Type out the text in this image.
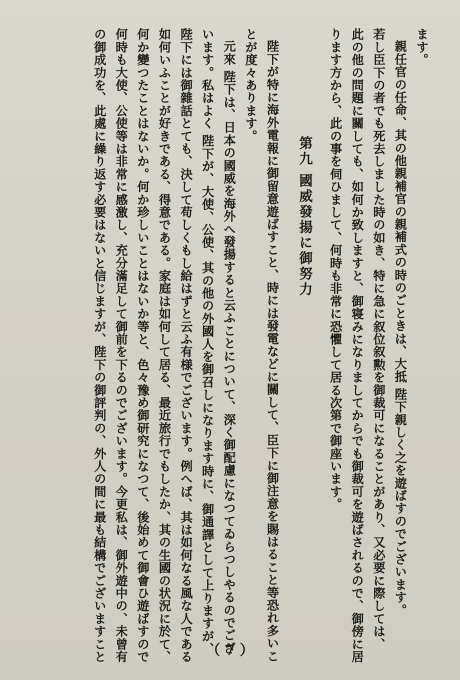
ます。
親任官の任命、其の他親補官の親補式の時のごときは、大抵 陛下親しく之を遊ばすのでございます。
若し臣下の者でも死去しました時の如き、特に急に叙位叙勲を御裁可になることがあり、又必要に際しては、
此の他の問題に關しても、如何か致しますと、御寝みになりましてからでも御裁可を遊ばされるので、御傍に居
ります方から、此の事を伺ひまして、何時も非常に恐懼して居る次第で御座います。
第九 國威發揚に御努力
陛下が特に海外電報に御留意遊ばすこと、時には發電などに關して、臣下に御注意を賜はること等恐れ多いこ
とが度々あります。
元來 陛下は、日本の國威を海外へ發揚すると云ふことについて、深く御配慮になつてゐらつしやるのでござ
います。私はよく 陛下が、大使、公使、其の他の外國人を御召しになります時に、御通譯として上りますが、
陛下には御雜話とても、決して苟しくもし給はずと云ふ有様でございます。例へば、其は如何なる風な人である
如何いふことが好きである、得意である。家庭は如何して居る、最近旅行でもしたか、其の生國の状況に於て、
何か變つたことはないか。何か珍しいことはないか等と、色々豫め御研究になつて、後始めて御會ひ遊ばすので
何時も大使、公使等は非常に感激し、充分滿足して御前を下るのでございます。今更私は、御外遊中の、未曾有
の御成功を、此處に繰り返す必要はないと信じますが、陛下の御評判の、外人の間に最も結構でございますこと	（ 7 ）
